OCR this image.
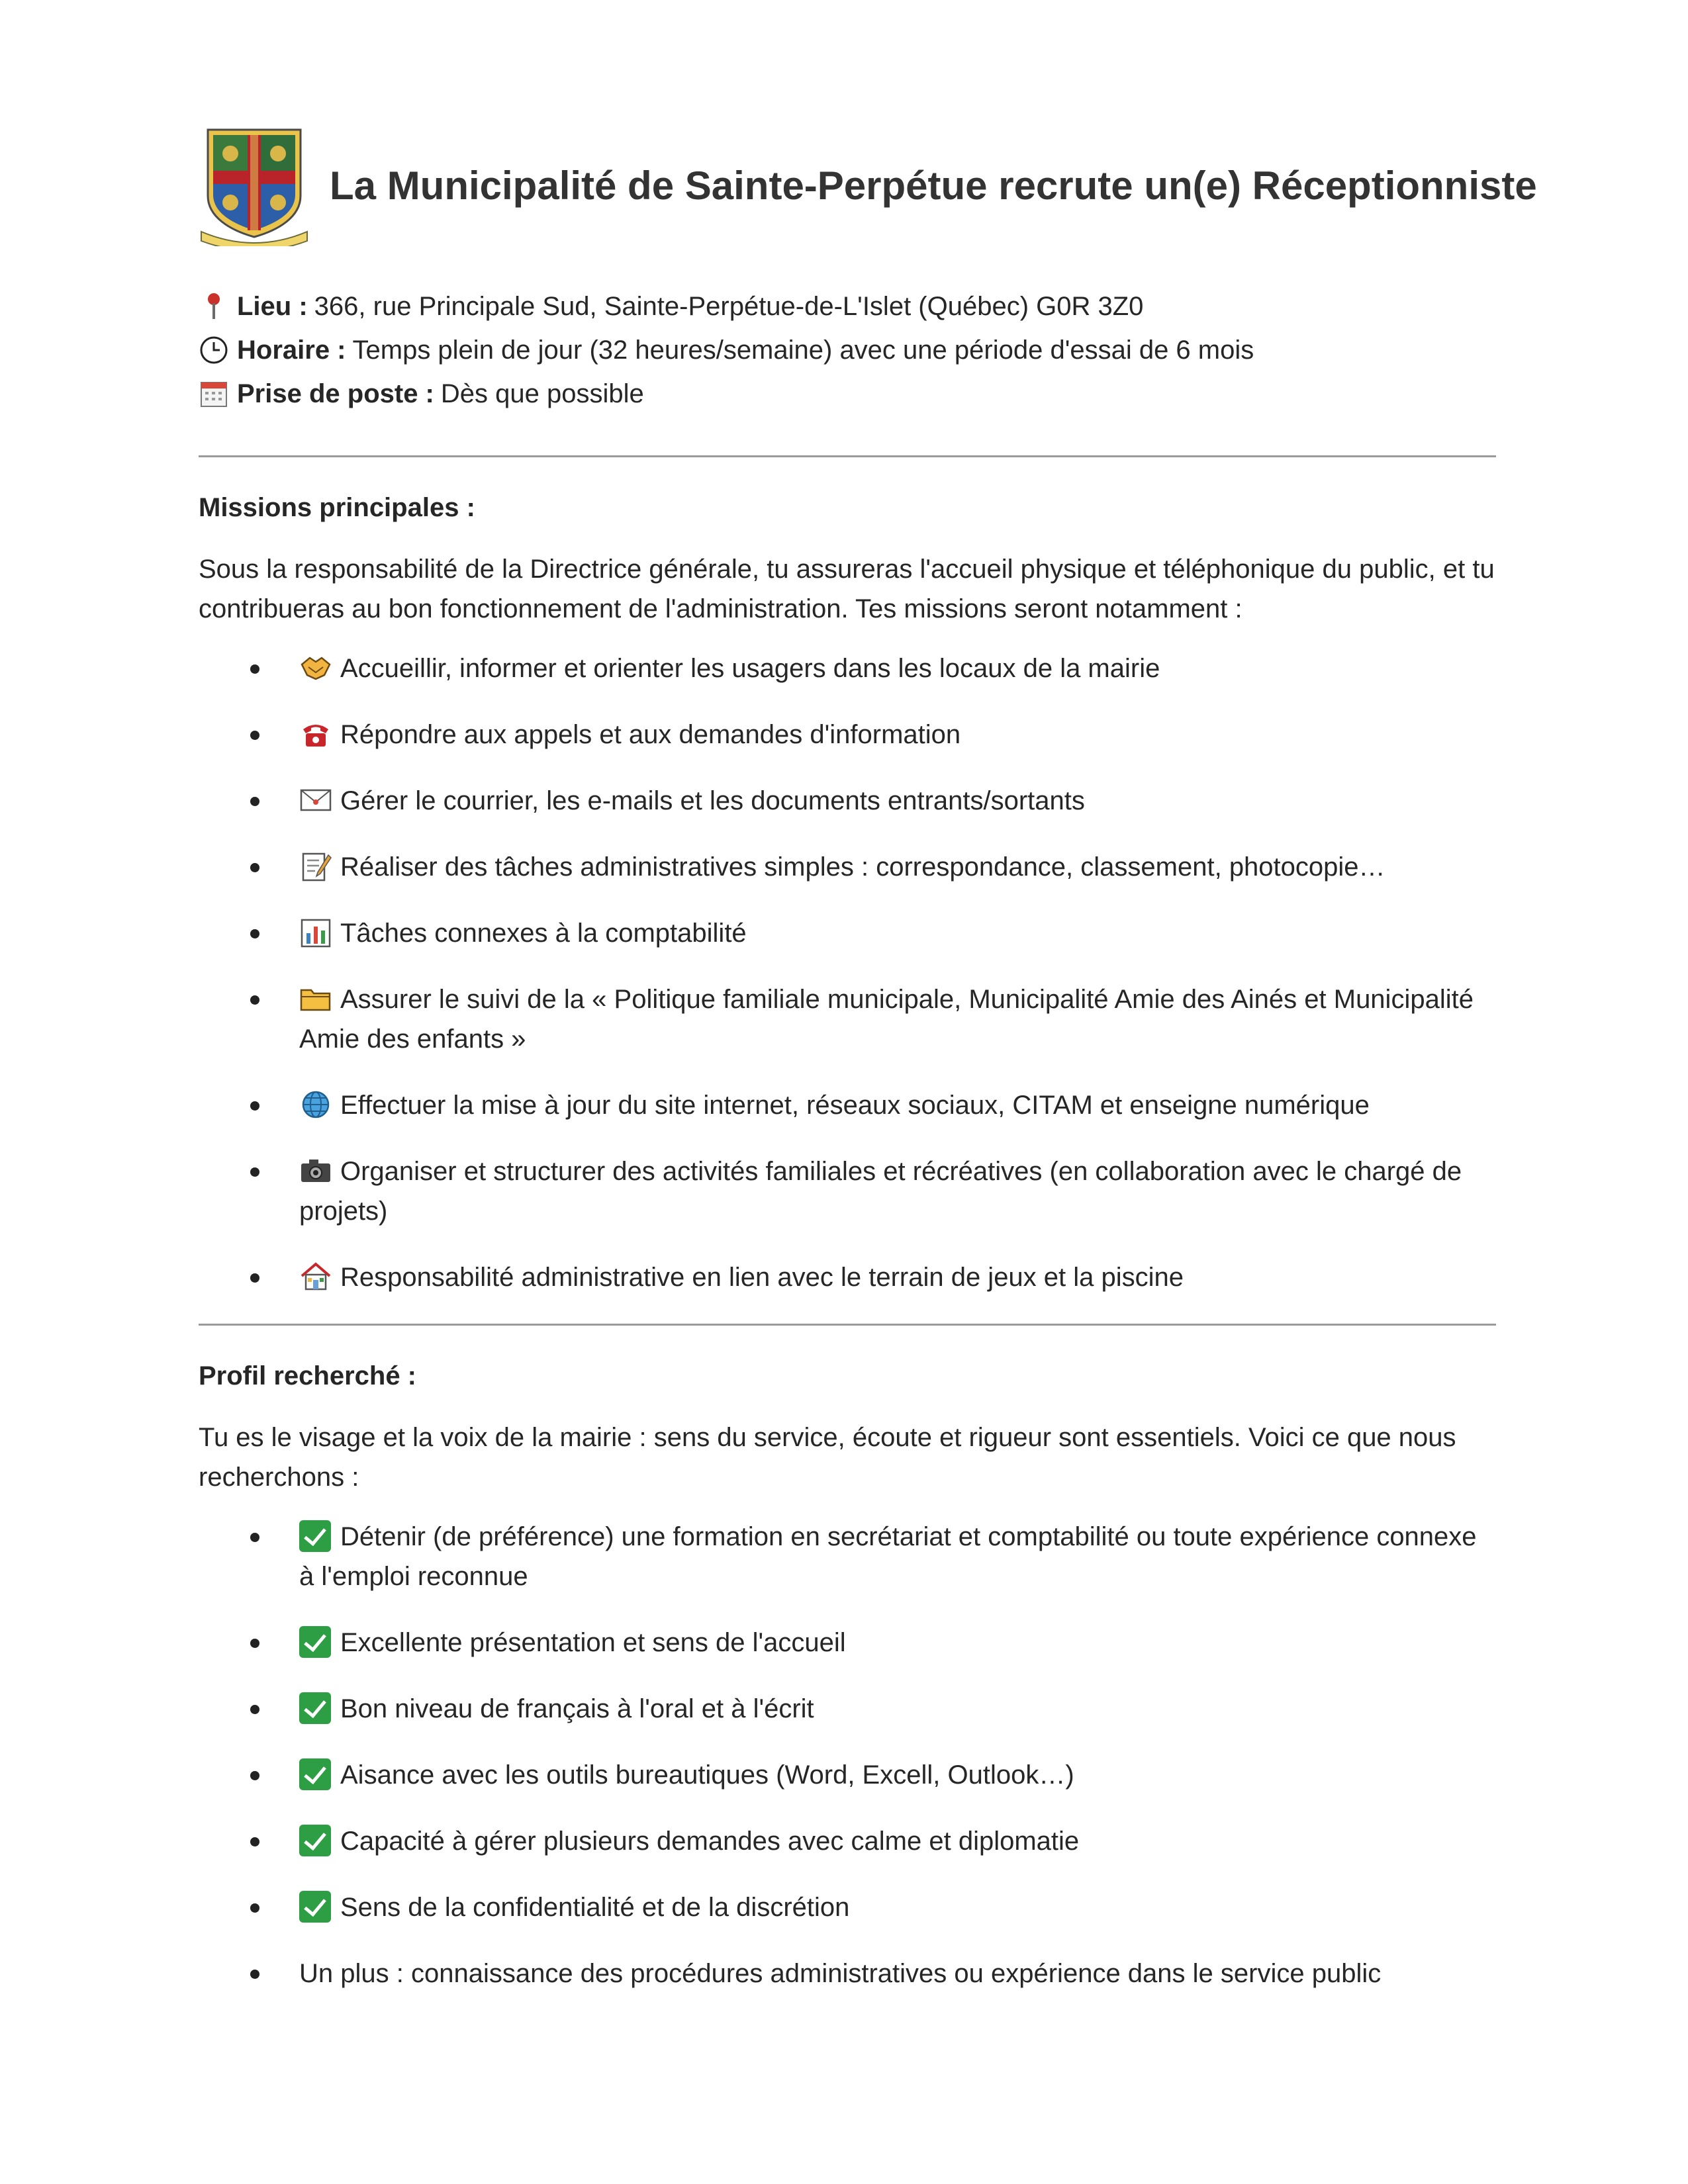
La Municipalité de Sainte-Perpétue recrute un(e) Réceptionniste
Lieu : 366, rue Principale Sud, Sainte-Perpétue-de-L'Islet (Québec) G0R 3Z0
Horaire : Temps plein de jour (32 heures/semaine) avec une période d'essai de 6 mois
Prise de poste : Dès que possible
Missions principales :
Sous la responsabilité de la Directrice générale, tu assureras l'accueil physique et téléphonique du public, et tu contribueras au bon fonctionnement de l'administration. Tes missions seront notamment :
Accueillir, informer et orienter les usagers dans les locaux de la mairie
Répondre aux appels et aux demandes d'information
Gérer le courrier, les e-mails et les documents entrants/sortants
Réaliser des tâches administratives simples : correspondance, classement, photocopie…
Tâches connexes à la comptabilité
Assurer le suivi de la « Politique familiale municipale, Municipalité Amie des Ainés et Municipalité Amie des enfants »
Effectuer la mise à jour du site internet, réseaux sociaux, CITAM et enseigne numérique
Organiser et structurer des activités familiales et récréatives (en collaboration avec le chargé de projets)
Responsabilité administrative en lien avec le terrain de jeux et la piscine
Profil recherché :
Tu es le visage et la voix de la mairie : sens du service, écoute et rigueur sont essentiels. Voici ce que nous recherchons :
Détenir (de préférence) une formation en secrétariat et comptabilité ou toute expérience connexe à l'emploi reconnue
Excellente présentation et sens de l'accueil
Bon niveau de français à l'oral et à l'écrit
Aisance avec les outils bureautiques (Word, Excell, Outlook…)
Capacité à gérer plusieurs demandes avec calme et diplomatie
Sens de la confidentialité et de la discrétion
Un plus : connaissance des procédures administratives ou expérience dans le service public
